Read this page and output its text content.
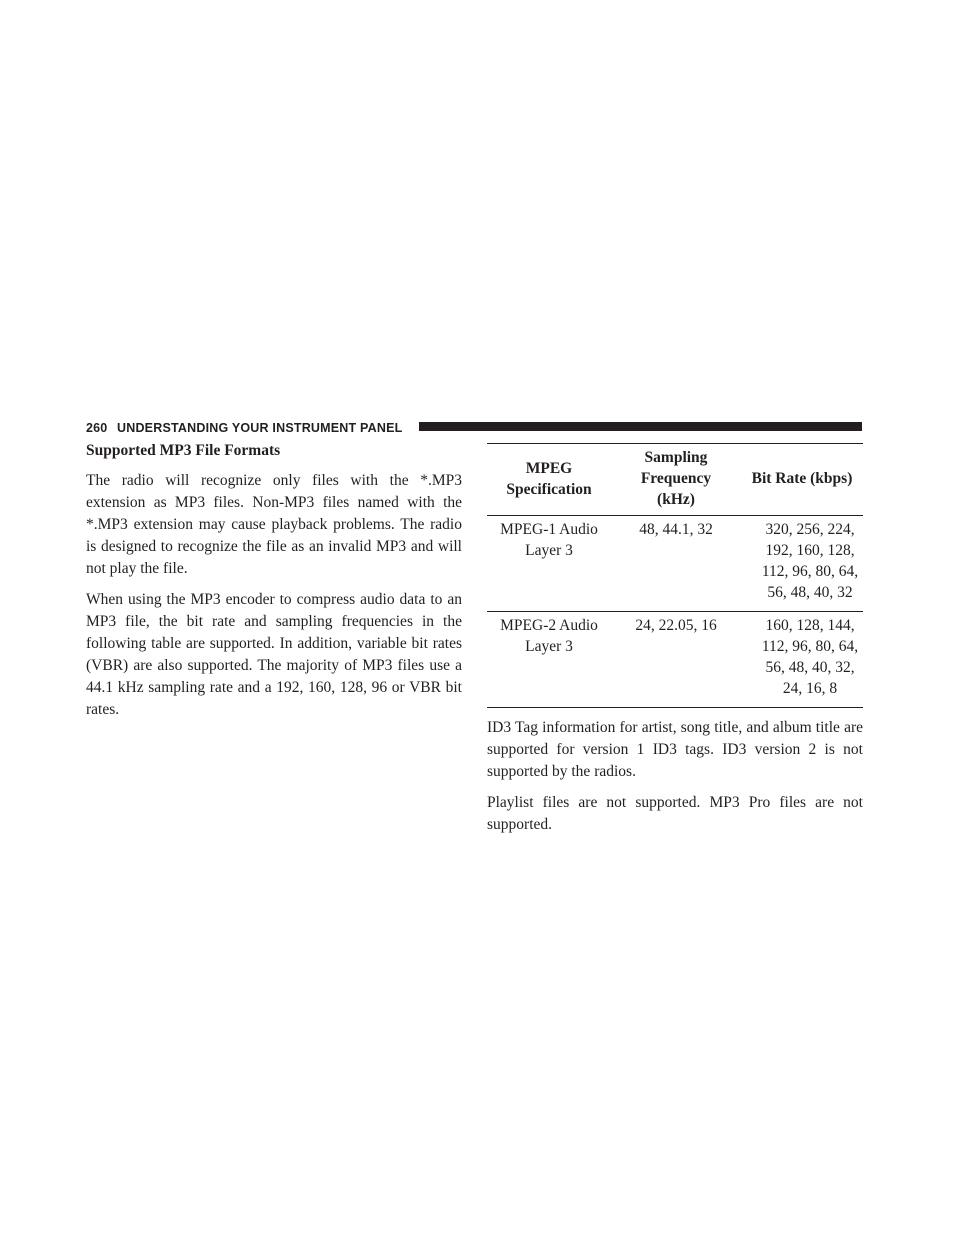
260 UNDERSTANDING YOUR INSTRUMENT PANEL
Supported MP3 File Formats

The radio will recognize only files with the *.MP3 extension as MP3 files. Non-MP3 files named with the *.MP3 extension may cause playback problems. The radio is designed to recognize the file as an invalid MP3 and will not play the file.

When using the MP3 encoder to compress audio data to an MP3 file, the bit rate and sampling frequencies in the following table are supported. In addition, variable bit rates (VBR) are also supported. The majority of MP3 files use a 44.1 kHz sampling rate and a 192, 160, 128, 96 or VBR bit rates.

MPEG
Specification	Sampling
Frequency
(kHz)	Bit Rate (kbps)

MPEG-1 Audio
Layer 3	48, 44.1, 32	320, 256, 224,
192, 160, 128,
112, 96, 80, 64,
56, 48, 40, 32

MPEG-2 Audio
Layer 3	24, 22.05, 16	160, 128, 144,
112, 96, 80, 64,
56, 48, 40, 32,
24, 16, 8

ID3 Tag information for artist, song title, and album title are supported for version 1 ID3 tags. ID3 version 2 is not supported by the radios.

Playlist files are not supported. MP3 Pro files are not supported.
